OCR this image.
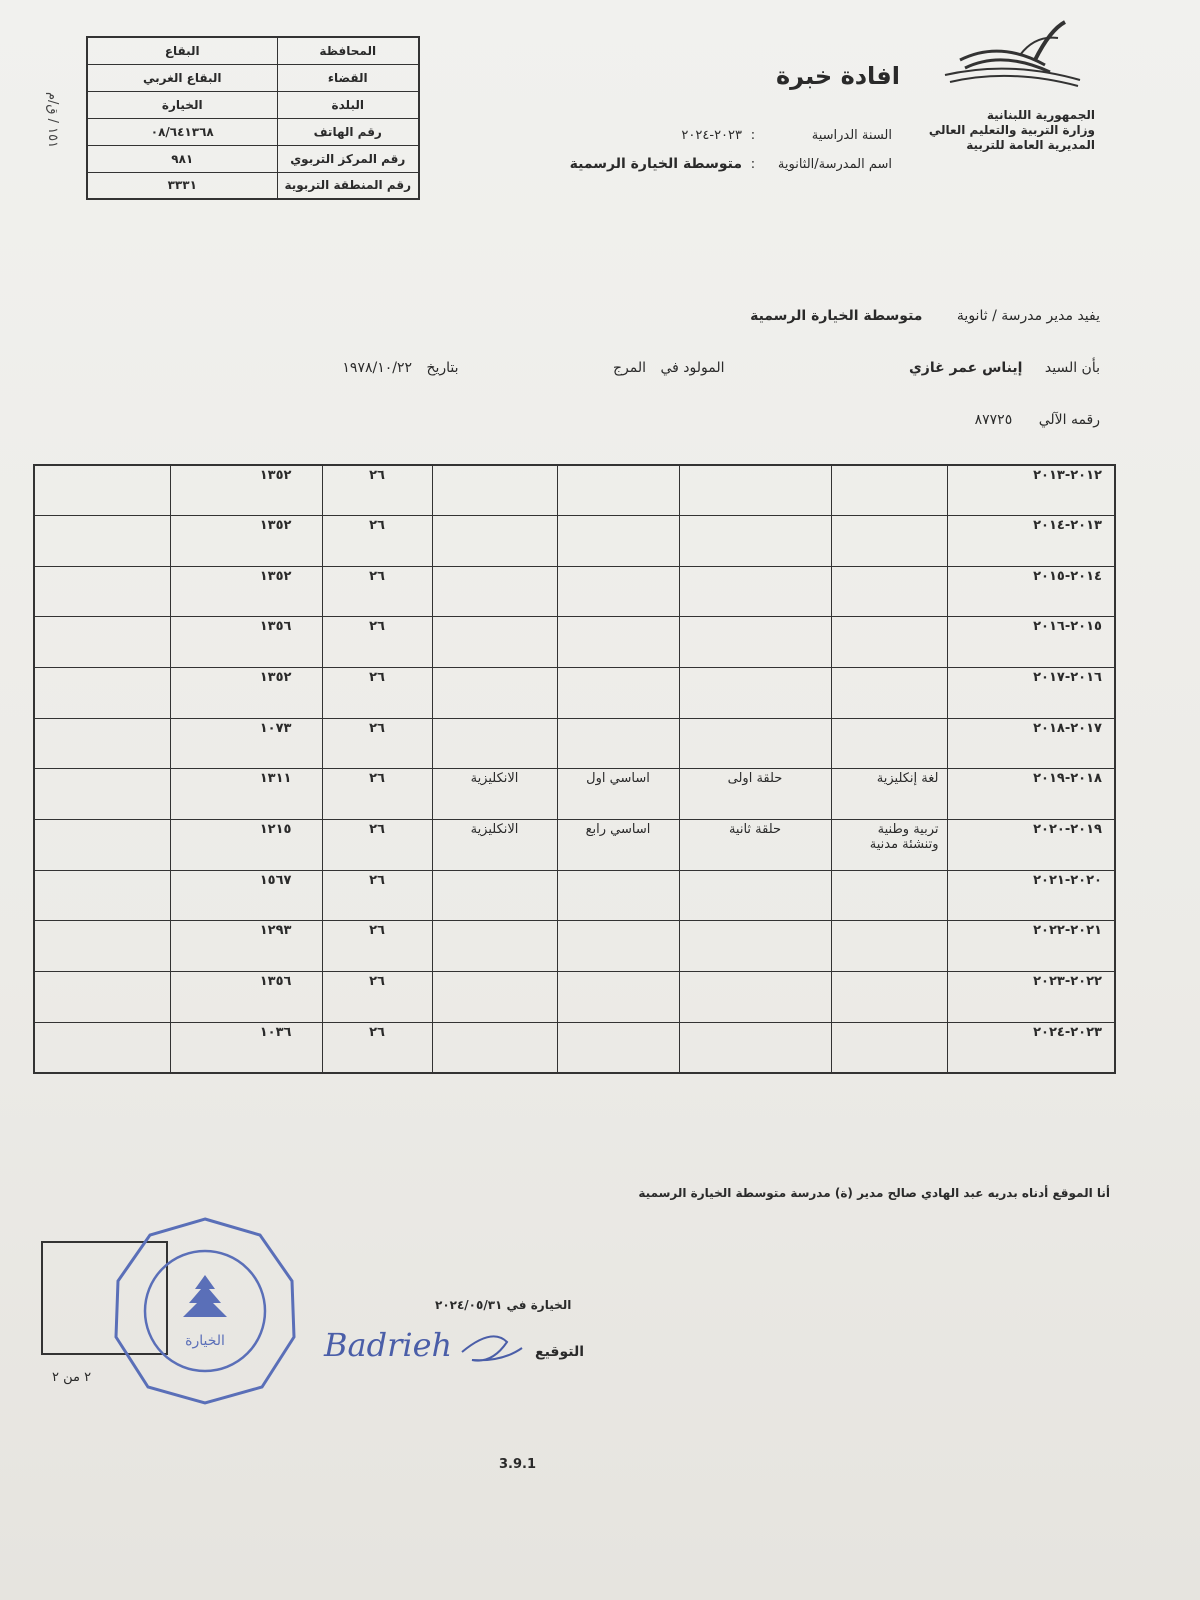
الجمهورية اللبنانية
وزارة التربية والتعليم العالي
المديرية العامة للتربية
افادة خبرة
السنة الدراسية:٢٠٢٣-٢٠٢٤
اسم المدرسة/الثانوية:متوسطة الخيارة الرسمية
المحافظة	البقاع
القضاء	البقاع الغربي
البلدة	الخيارة
رقم الهاتف	٠٨/٦٤١٣٦٨
رقم المركز التربوي	٩٨١
رقم المنطقة التربوية	٣٣٣١
١٥١ / ق/م
يفيد مدير مدرسة / ثانوية متوسطة الخيارة الرسمية
بأن السيد إيناس عمر غازي المولود في المرج بتاريخ ١٩٧٨/١٠/٢٢
رقمه الآلي ٨٧٧٢٥
٢٠١٢-٢٠١٣					٢٦	١٣٥٢	
٢٠١٣-٢٠١٤					٢٦	١٣٥٢	
٢٠١٤-٢٠١٥					٢٦	١٣٥٢	
٢٠١٥-٢٠١٦					٢٦	١٣٥٦	
٢٠١٦-٢٠١٧					٢٦	١٣٥٢	
٢٠١٧-٢٠١٨					٢٦	١٠٧٣	
٢٠١٨-٢٠١٩	لغة إنكليزية	حلقة اولى	اساسي اول	الانكليزية	٢٦	١٣١١	
٢٠١٩-٢٠٢٠	تربية وطنية وتنشئة مدنية	حلقة ثانية	اساسي رابع	الانكليزية	٢٦	١٢١٥	
٢٠٢٠-٢٠٢١					٢٦	١٥٦٧	
٢٠٢١-٢٠٢٢					٢٦	١٢٩٣	
٢٠٢٢-٢٠٢٣					٢٦	١٣٥٦	
٢٠٢٣-٢٠٢٤					٢٦	١٠٣٦	
أنا الموقع أدناه بدريه عبد الهادي صالح مدير (ة) مدرسة متوسطة الخيارة الرسمية
الخيارة
الخيارة في ٢٠٢٤/٠٥/٣١
Badrieh	التوقيع
٢ من ٢
3.9.1
